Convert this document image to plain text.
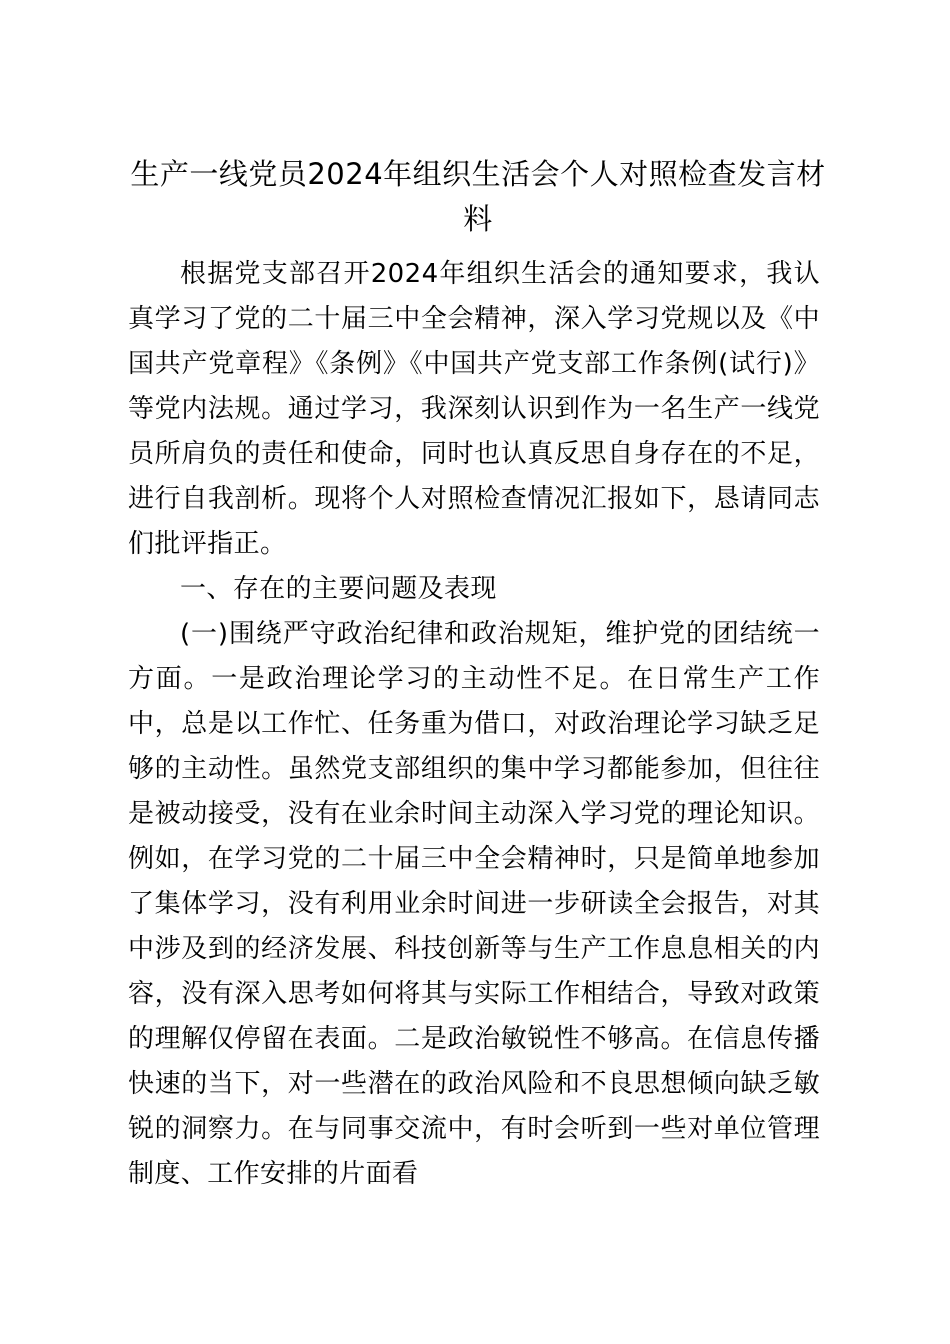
生产一线党员2024年组织生活会个人对照检查发言材料

根据党支部召开2024年组织生活会的通知要求，我认真学习了党的二十届三中全会精神，深入学习党规以及《中国共产党章程》《条例》《中国共产党支部工作条例(试行)》等党内法规。通过学习，我深刻认识到作为一名生产一线党员所肩负的责任和使命，同时也认真反思自身存在的不足，进行自我剖析。现将个人对照检查情况汇报如下，恳请同志们批评指正。

一、存在的主要问题及表现

(一)围绕严守政治纪律和政治规矩，维护党的团结统一方面。一是政治理论学习的主动性不足。在日常生产工作中，总是以工作忙、任务重为借口，对政治理论学习缺乏足够的主动性。虽然党支部组织的集中学习都能参加，但往往是被动接受，没有在业余时间主动深入学习党的理论知识。例如，在学习党的二十届三中全会精神时，只是简单地参加了集体学习，没有利用业余时间进一步研读全会报告，对其中涉及到的经济发展、科技创新等与生产工作息息相关的内容，没有深入思考如何将其与实际工作相结合，导致对政策的理解仅停留在表面。二是政治敏锐性不够高。在信息传播快速的当下，对一些潜在的政治风险和不良思想倾向缺乏敏锐的洞察力。在与同事交流中，有时会听到一些对单位管理制度、工作安排的片面看
